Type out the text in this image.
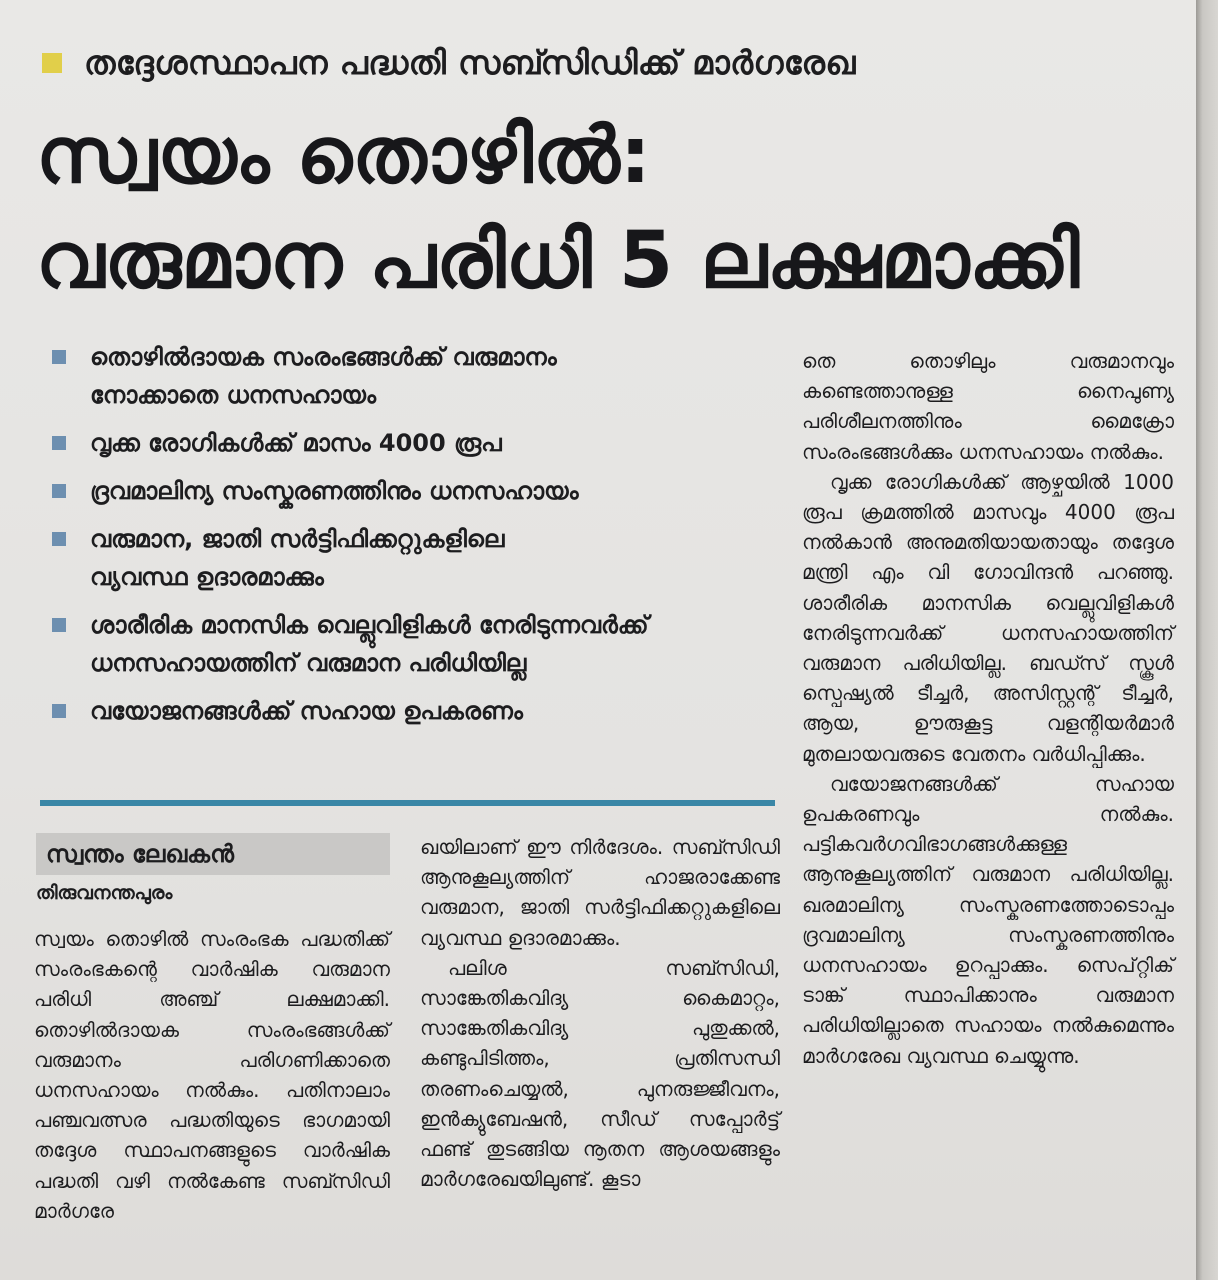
തദ്ദേശസ്ഥാപന പദ്ധതി സബ്സിഡിക്ക് മാർഗരേഖ
സ്വയം തൊഴിൽ:
വരുമാന പരിധി 5 ലക്ഷമാക്കി
തൊഴിൽദായക സംരംഭങ്ങൾക്ക് വരുമാനം
നോക്കാതെ ധനസഹായം
വൃക്ക രോഗികൾക്ക് മാസം 4000 രൂപ
ദ്രവമാലിന്യ സംസ്കരണത്തിനും ധനസഹായം
വരുമാന, ജാതി സർട്ടിഫിക്കറ്റുകളിലെ
വ്യവസ്ഥ ഉദാരമാക്കും
ശാരീരിക മാനസിക വെല്ലുവിളികൾ നേരിടുന്നവർക്ക്
ധനസഹായത്തിന് വരുമാന പരിധിയില്ല
വയോജനങ്ങൾക്ക് സഹായ ഉപകരണം
സ്വന്തം ലേഖകൻ
തിരുവനന്തപുരം

സ്വയം തൊഴിൽ സംരംഭക പദ്ധതിക്ക് സംരംഭകന്റെ വാർഷിക വരുമാന പരിധി അഞ്ച് ലക്ഷമാക്കി. തൊഴിൽദായക സംരംഭങ്ങൾക്ക് വരുമാനം പരിഗണിക്കാതെ ധനസഹായം നൽകും. പതിനാലാം പഞ്ചവത്സര പദ്ധതിയുടെ ഭാഗമായി തദ്ദേശ സ്ഥാപനങ്ങളുടെ വാർഷിക പദ്ധതി വഴി നൽകേണ്ട സബ്സിഡി മാർഗരേ

ഖയിലാണ് ഈ നിർദേശം. സബ്സിഡി ആനുകൂല്യത്തിന് ഹാജരാക്കേണ്ട വരുമാന, ജാതി സർട്ടിഫിക്കറ്റുകളിലെ വ്യവസ്ഥ ഉദാരമാക്കും.

പലിശ സബ്സിഡി, സാങ്കേതികവിദ്യ കൈമാറ്റം, സാങ്കേതികവിദ്യ പുതുക്കൽ, കണ്ടുപിടിത്തം, പ്രതിസന്ധി തരണംചെയ്യൽ, പുനരുജ്ജീവനം, ഇൻക്യുബേഷൻ, സീഡ് സപ്പോർട്ട് ഫണ്ട് തുടങ്ങിയ നൂതന ആശയങ്ങളും മാർഗരേഖയിലുണ്ട്. കൂടാ

തെ തൊഴിലും വരുമാനവും കണ്ടെത്താനുള്ള നൈപുണ്യ പരിശീലനത്തിനും മൈക്രോ സംരംഭങ്ങൾക്കും ധനസഹായം നൽകും.

വൃക്ക രോഗികൾക്ക് ആഴ്ചയിൽ 1000 രൂപ ക്രമത്തിൽ മാസവും 4000 രൂപ നൽകാൻ അനുമതിയായതായും തദ്ദേശ മന്ത്രി എം വി ഗോവിന്ദൻ പറഞ്ഞു. ശാരീരിക മാനസിക വെല്ലുവിളികൾ നേരിടുന്നവർക്ക് ധനസഹായത്തിന് വരുമാന പരിധിയില്ല. ബഡ്സ് സ്കൂൾ സ്പെഷ്യൽ ടീച്ചർ, അസിസ്റ്റന്റ് ടീച്ചർ, ആയ, ഊരുകൂട്ട വളന്റിയർമാർ മുതലായവരുടെ വേതനം വർധിപ്പിക്കും.

വയോജനങ്ങൾക്ക് സഹായ ഉപകരണവും നൽകും. പട്ടികവർഗവിഭാഗങ്ങൾക്കുള്ള ആനുകൂല്യത്തിന് വരുമാന പരിധിയില്ല. ഖരമാലിന്യ സംസ്കരണത്തോടൊപ്പം ദ്രവമാലിന്യ സംസ്കരണത്തിനും ധനസഹായം ഉറപ്പാക്കും. സെപ്റ്റിക് ടാങ്ക് സ്ഥാപിക്കാനും വരുമാന പരിധിയില്ലാതെ സഹായം നൽകുമെന്നും മാർഗരേഖ വ്യവസ്ഥ ചെയ്യുന്നു.
